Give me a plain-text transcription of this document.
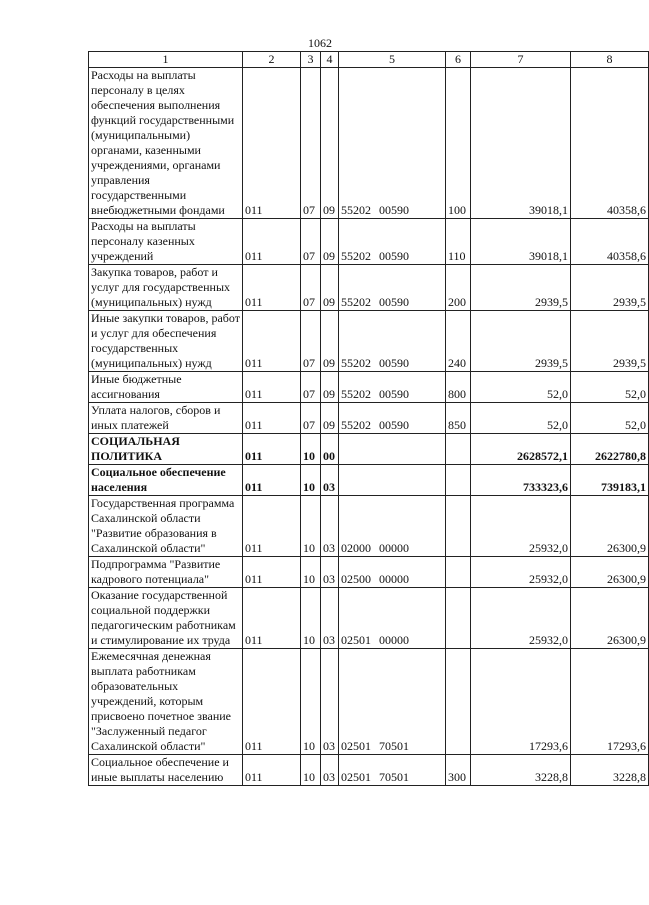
1062
1	2	3	4	5	6	7	8
Расходы на выплаты персоналу в целях обеспечения выполнения функций государственными (муниципальными) органами, казенными учреждениями, органами управления государственными внебюджетными фондами	011	07	09	55202 00590	100	39018,1	40358,6
Расходы на выплаты персоналу казенных учреждений	011	07	09	55202 00590	110	39018,1	40358,6
Закупка товаров, работ и услуг для государственных (муниципальных) нужд	011	07	09	55202 00590	200	2939,5	2939,5
Иные закупки товаров, работ и услуг для обеспечения государственных (муниципальных) нужд	011	07	09	55202 00590	240	2939,5	2939,5
Иные бюджетные ассигнования	011	07	09	55202 00590	800	52,0	52,0
Уплата налогов, сборов и иных платежей	011	07	09	55202 00590	850	52,0	52,0
СОЦИАЛЬНАЯ ПОЛИТИКА	011	10	00			2628572,1	2622780,8
Социальное обеспечение населения	011	10	03			733323,6	739183,1
Государственная программа Сахалинской области "Развитие образования в Сахалинской области"	011	10	03	02000 00000		25932,0	26300,9
Подпрограмма "Развитие кадрового потенциала"	011	10	03	02500 00000		25932,0	26300,9
Оказание государственной социальной поддержки педагогическим работникам и стимулирование их труда	011	10	03	02501 00000		25932,0	26300,9
Ежемесячная денежная выплата работникам образовательных учреждений, которым присвоено почетное звание "Заслуженный педагог Сахалинской области"	011	10	03	02501 70501		17293,6	17293,6
Социальное обеспечение и иные выплаты населению	011	10	03	02501 70501	300	3228,8	3228,8
